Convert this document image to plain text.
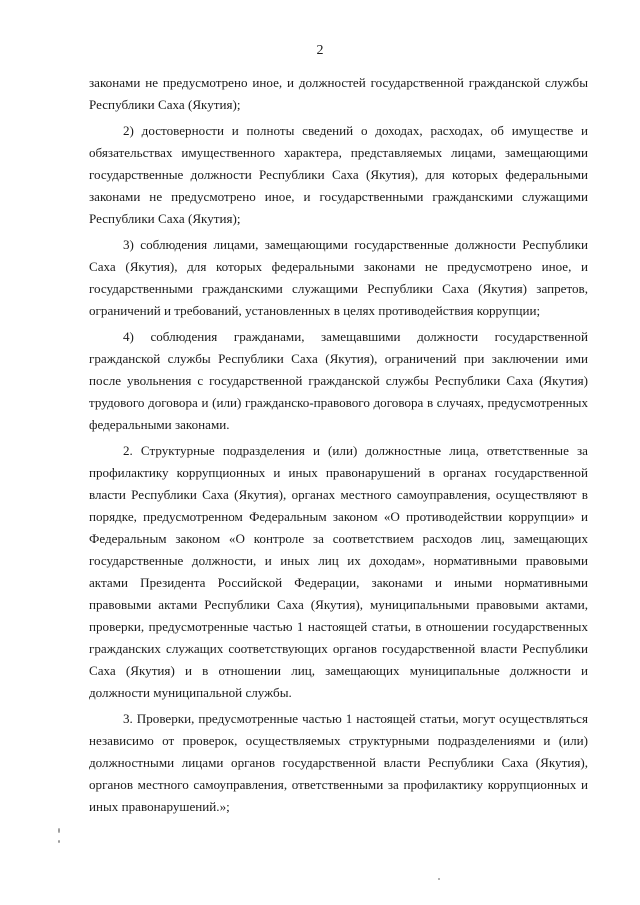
2

законами не предусмотрено иное, и должностей государственной гражданской службы Республики Саха (Якутия);

2) достоверности и полноты сведений о доходах, расходах, об имуществе и обязательствах имущественного характера, представляемых лицами, замещающими государственные должности Республики Саха (Якутия), для которых федеральными законами не предусмотрено иное, и государственными гражданскими служащими Республики Саха (Якутия);

3) соблюдения лицами, замещающими государственные должности Республики Саха (Якутия), для которых федеральными законами не предусмотрено иное, и государственными гражданскими служащими Республики Саха (Якутия) запретов, ограничений и требований, установленных в целях противодействия коррупции;

4) соблюдения гражданами, замещавшими должности государственной гражданской службы Республики Саха (Якутия), ограничений при заключении ими после увольнения с государственной гражданской службы Республики Саха (Якутия) трудового договора и (или) гражданско-правового договора в случаях, предусмотренных федеральными законами.

2. Структурные подразделения и (или) должностные лица, ответственные за профилактику коррупционных и иных правонарушений в органах государственной власти Республики Саха (Якутия), органах местного самоуправления, осуществляют в порядке, предусмотренном Федеральным законом «О противодействии коррупции» и Федеральным законом «О контроле за соответствием расходов лиц, замещающих государственные должности, и иных лиц их доходам», нормативными правовыми актами Президента Российской Федерации, законами и иными нормативными правовыми актами Республики Саха (Якутия), муниципальными правовыми актами, проверки, предусмотренные частью 1 настоящей статьи, в отношении государственных гражданских служащих соответствующих органов государственной власти Республики Саха (Якутия) и в отношении лиц, замещающих муниципальные должности и должности муниципальной службы.

3. Проверки, предусмотренные частью 1 настоящей статьи, могут осуществляться независимо от проверок, осуществляемых структурными подразделениями и (или) должностными лицами органов государственной власти Республики Саха (Якутия), органов местного самоуправления, ответственными за профилактику коррупционных и иных правонарушений.»;
